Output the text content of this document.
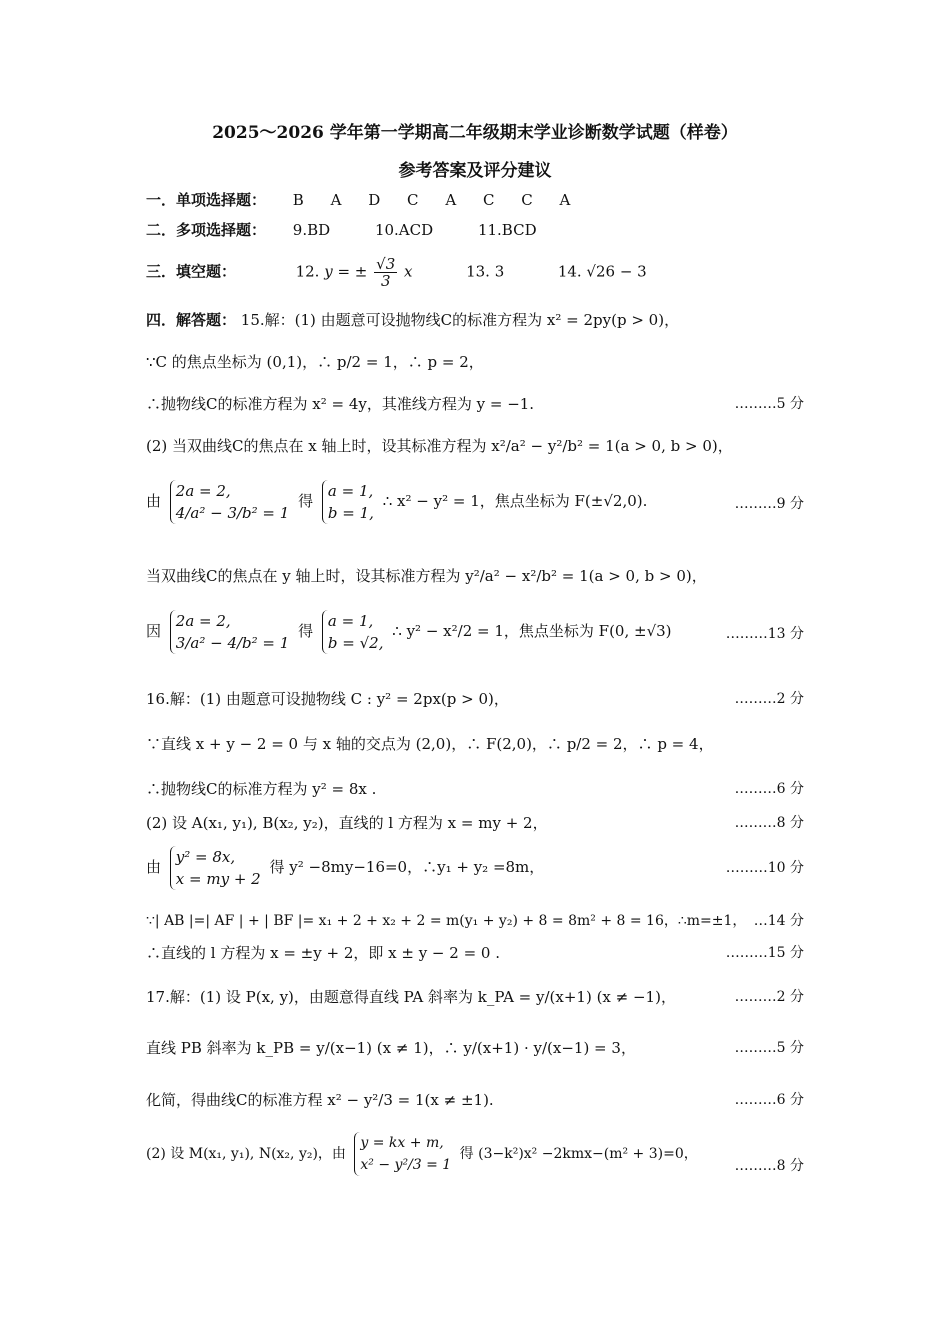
2025～2026 学年第一学期高二年级期末学业诊断数学试题（样卷）
参考答案及评分建议
一．单项选择题： B A D C A C C A
二．多项选择题： 9.BD	10.ACD	11.BCD
三．填空题：	12. y = ± $\frac{√3}{3}$ x	13. 3	14. √26 − 3
四．解答题： 15.解：(1) 由题意可设抛物线C的标准方程为 x² = 2py(p > 0)，
∵C 的焦点坐标为 (0,1)，∴ p/2 = 1，∴ p = 2，
∴抛物线C的标准方程为 x² = 4y，其准线方程为 y = −1.	………5 分
(2) 当双曲线C的焦点在 x 轴上时，设其标准方程为 x²/a² − y²/b² = 1(a > 0, b > 0)，
由
2a = 2,
4/a² − 3/b² = 1
得
a = 1,
b = 1,
∴ x² − y² = 1，焦点坐标为 F(±√2,0).	………9 分
当双曲线C的焦点在 y 轴上时，设其标准方程为 y²/a² − x²/b² = 1(a > 0, b > 0)，
因
2a = 2,
3/a² − 4/b² = 1
得
a = 1,
b = √2,
∴ y² − x²/2 = 1，焦点坐标为 F(0, ±√3)	………13 分
16.解：(1) 由题意可设抛物线 C : y² = 2px(p > 0)，	………2 分
∵直线 x + y − 2 = 0 与 x 轴的交点为 (2,0)，∴ F(2,0)，∴ p/2 = 2，∴ p = 4，
∴抛物线C的标准方程为 y² = 8x .	………6 分
(2) 设 A(x₁, y₁), B(x₂, y₂)，直线的 l 方程为 x = my + 2，	………8 分
由
y² = 8x,
x = my + 2
得 y² −8my−16=0，∴y₁ + y₂ =8m，	………10 分
∵| AB |=| AF | + | BF |= x₁ + 2 + x₂ + 2 = m(y₁ + y₂) + 8 = 8m² + 8 = 16，∴m=±1， …14 分
∴直线的 l 方程为 x = ±y + 2，即 x ± y − 2 = 0 .	………15 分
17.解：(1) 设 P(x, y)，由题意得直线 PA 斜率为 k_PA = y/(x+1) (x ≠ −1)，	………2 分
直线 PB 斜率为 k_PB = y/(x−1) (x ≠ 1)，∴ y/(x+1) · y/(x−1) = 3，	………5 分
化简，得曲线C的标准方程 x² − y²/3 = 1(x ≠ ±1).	………6 分
(2) 设 M(x₁, y₁), N(x₂, y₂)，由
y = kx + m,
x² − y²/3 = 1
得 (3−k²)x² −2kmx−(m² + 3)=0，
………8 分
